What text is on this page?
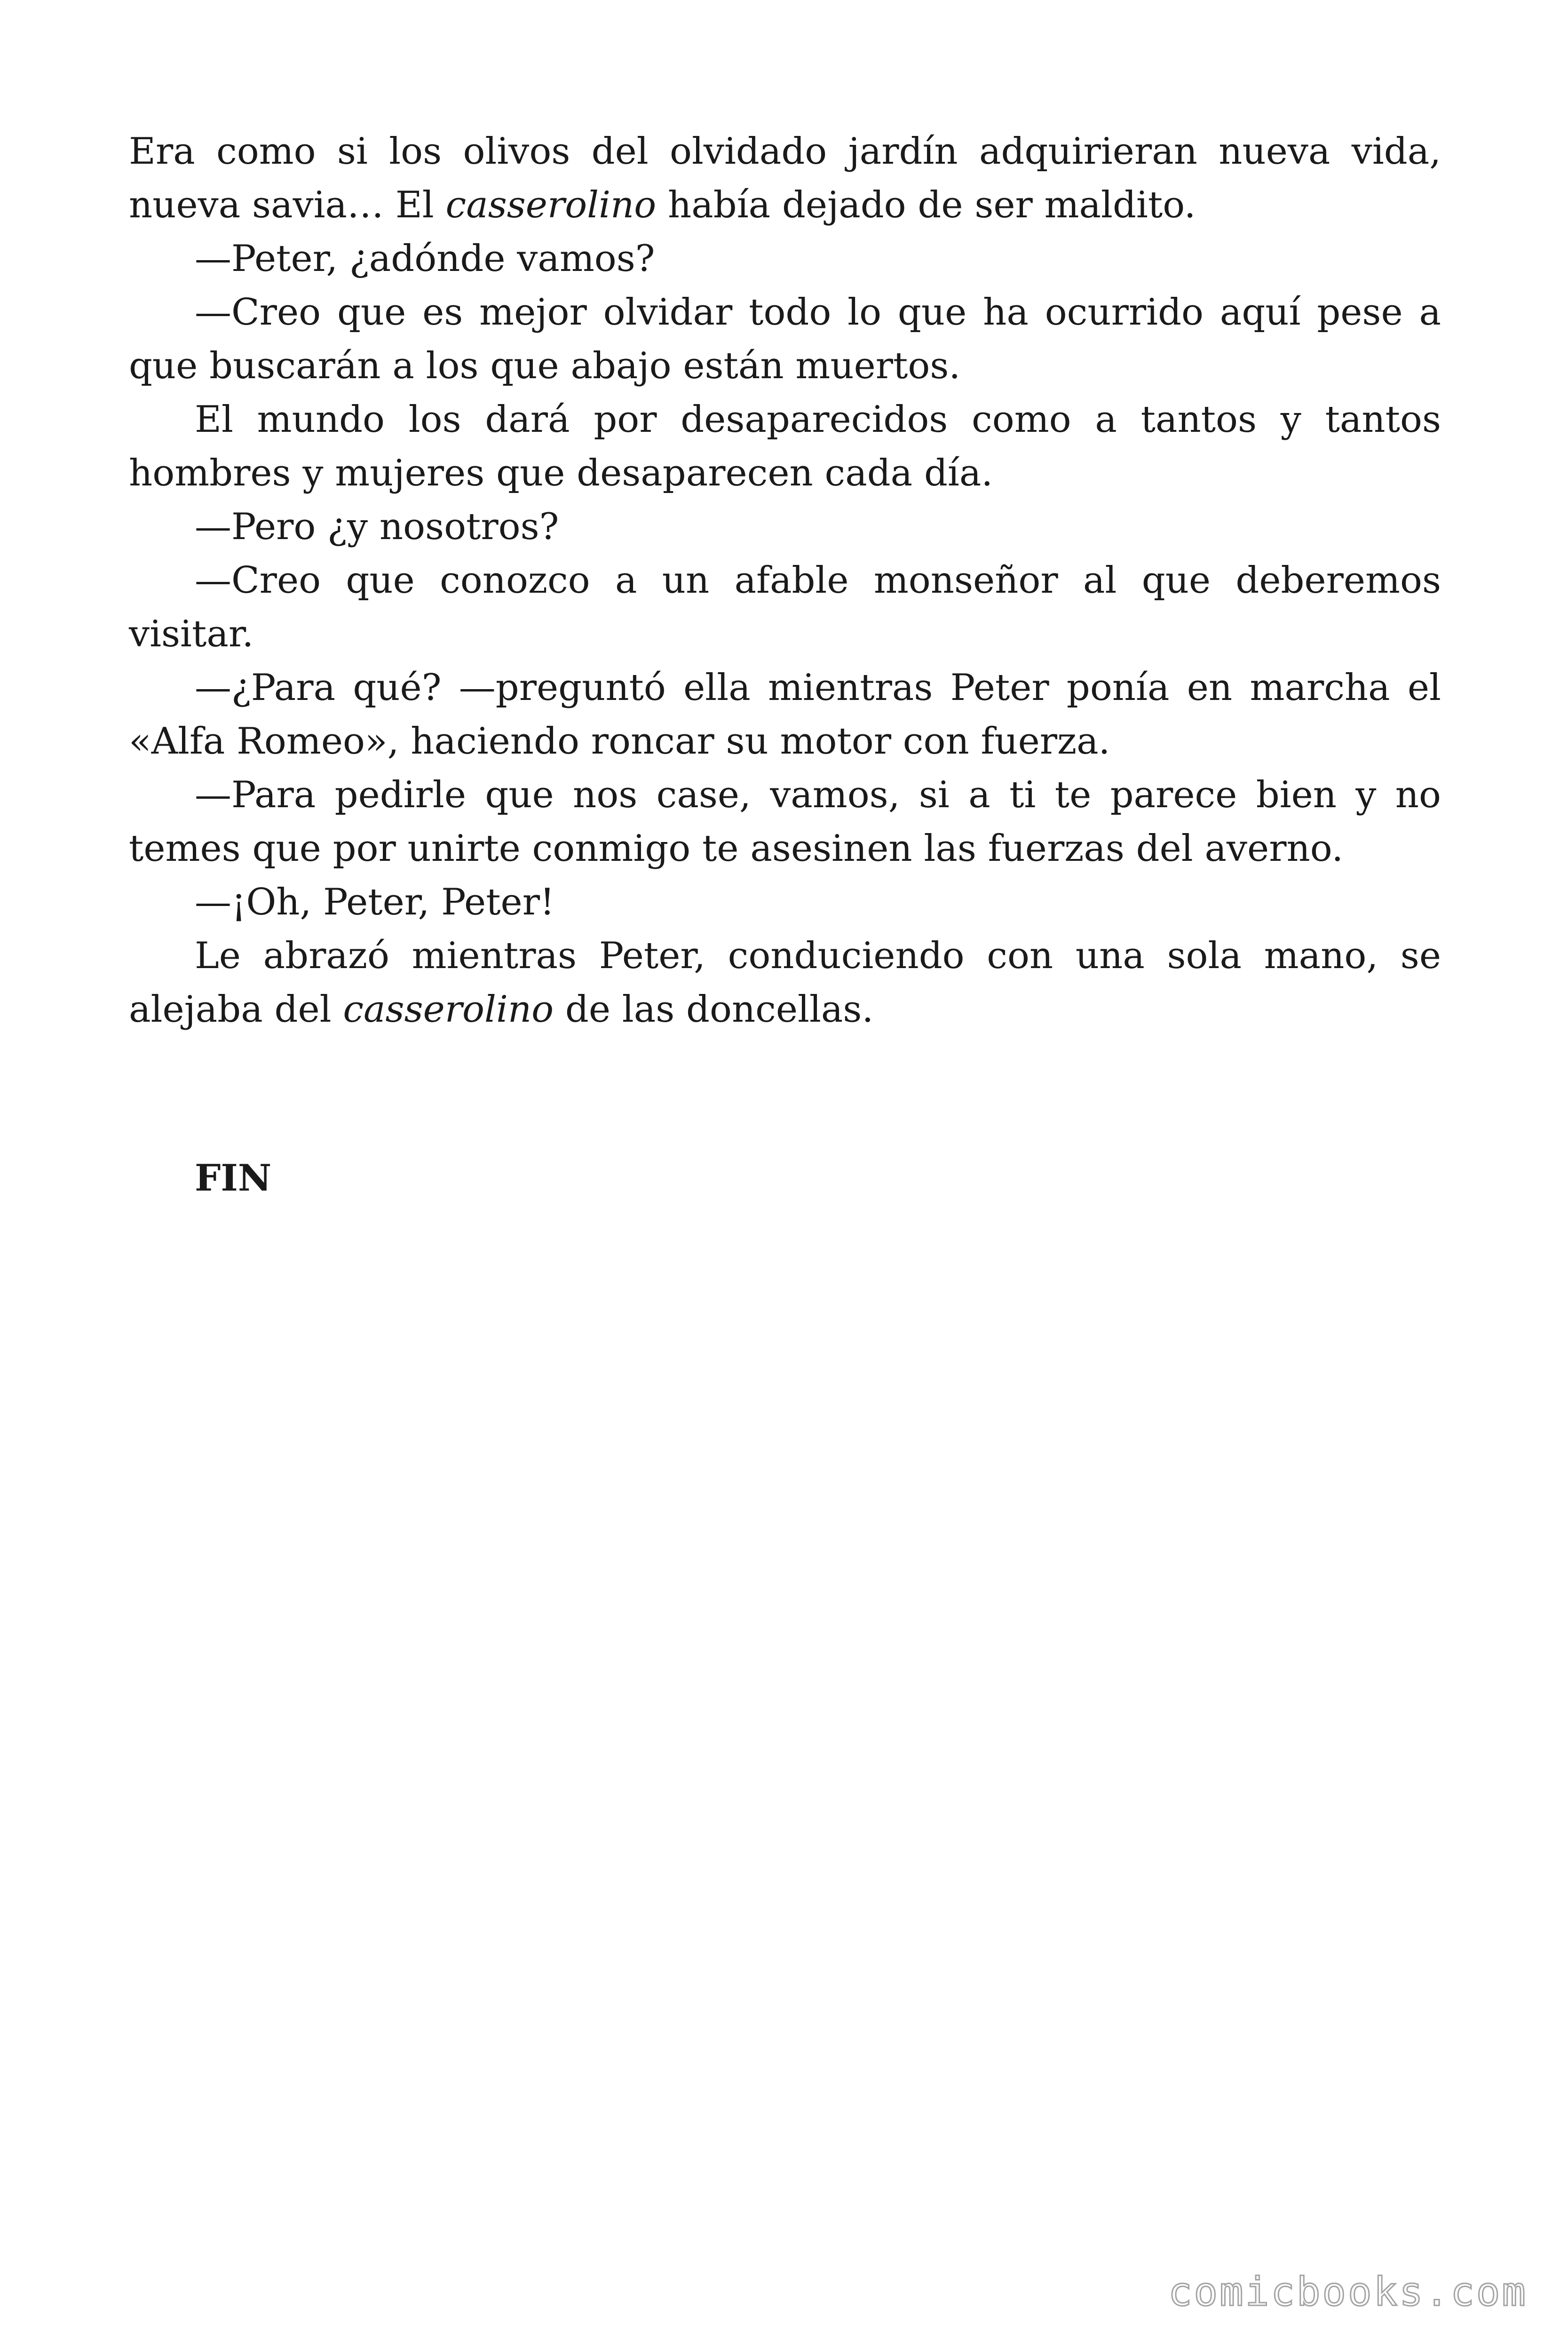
Era como si los olivos del olvidado jardín adquirieran nueva vida, nueva savia… El casserolino había dejado de ser maldito.

—Peter, ¿adónde vamos?

—Creo que es mejor olvidar todo lo que ha ocurrido aquí pese a que buscarán a los que abajo están muertos.

El mundo los dará por desaparecidos como a tantos y tantos hombres y mujeres que desaparecen cada día.

—Pero ¿y nosotros?

—Creo que conozco a un afable monseñor al que deberemos visitar.

—¿Para qué? —preguntó ella mientras Peter ponía en marcha el «Alfa Romeo», haciendo roncar su motor con fuerza.

—Para pedirle que nos case, vamos, si a ti te parece bien y no temes que por unirte conmigo te asesinen las fuerzas del averno.

—¡Oh, Peter, Peter!

Le abrazó mientras Peter, conduciendo con una sola mano, se alejaba del casserolino de las doncellas.

FIN
comicbooks.com
